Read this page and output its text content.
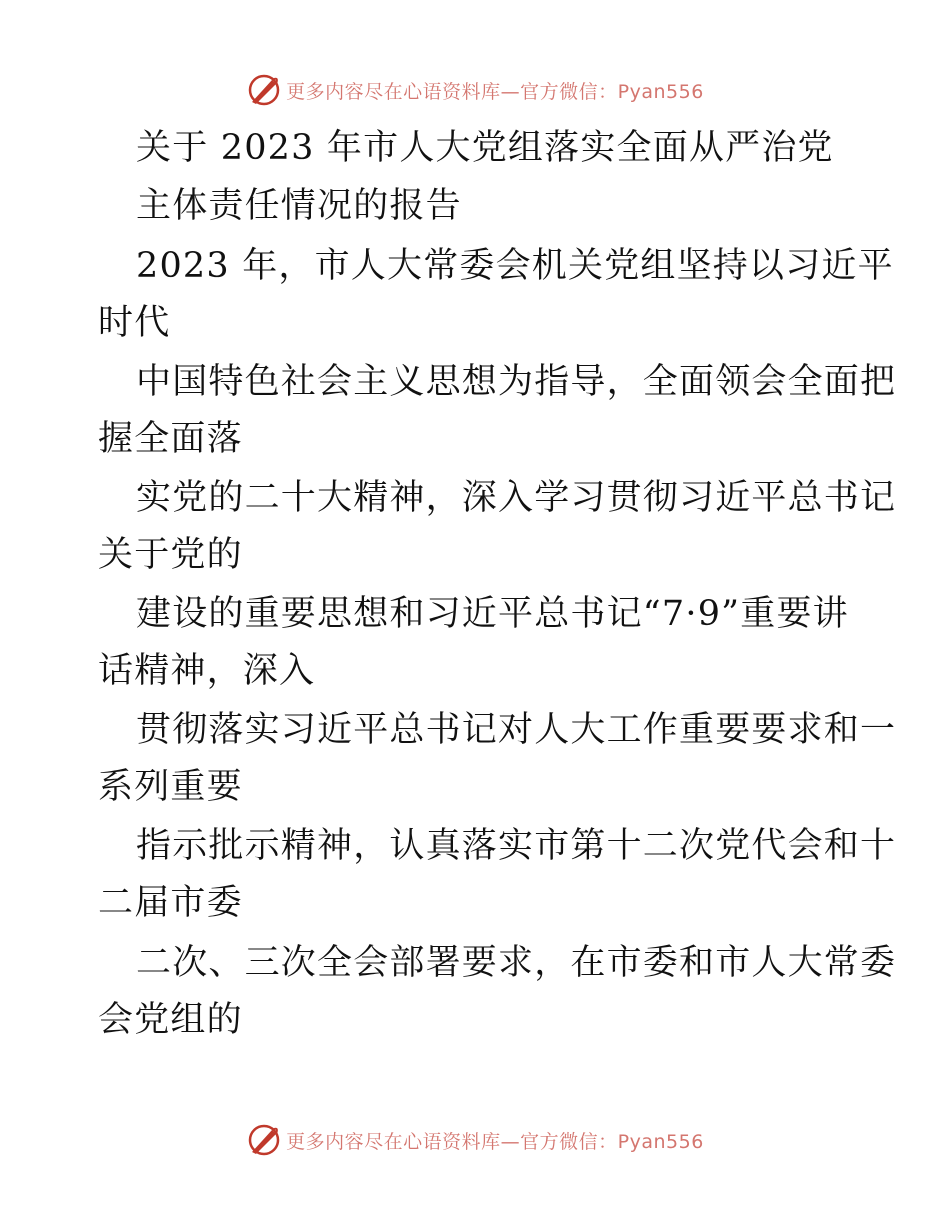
更多内容尽在心语资料库—官方微信：Pyan556

关于 2023 年市人大党组落实全面从严治党

主体责任情况的报告

2023 年，市人大常委会机关党组坚持以习近平

时代

中国特色社会主义思想为指导，全面领会全面把

握全面落

实党的二十大精神，深入学习贯彻习近平总书记

关于党的

建设的重要思想和习近平总书记“7·9”重要讲

话精神，深入

贯彻落实习近平总书记对人大工作重要要求和一

系列重要

指示批示精神，认真落实市第十二次党代会和十

二届市委

二次、三次全会部署要求，在市委和市人大常委

会党组的

更多内容尽在心语资料库—官方微信：Pyan556
